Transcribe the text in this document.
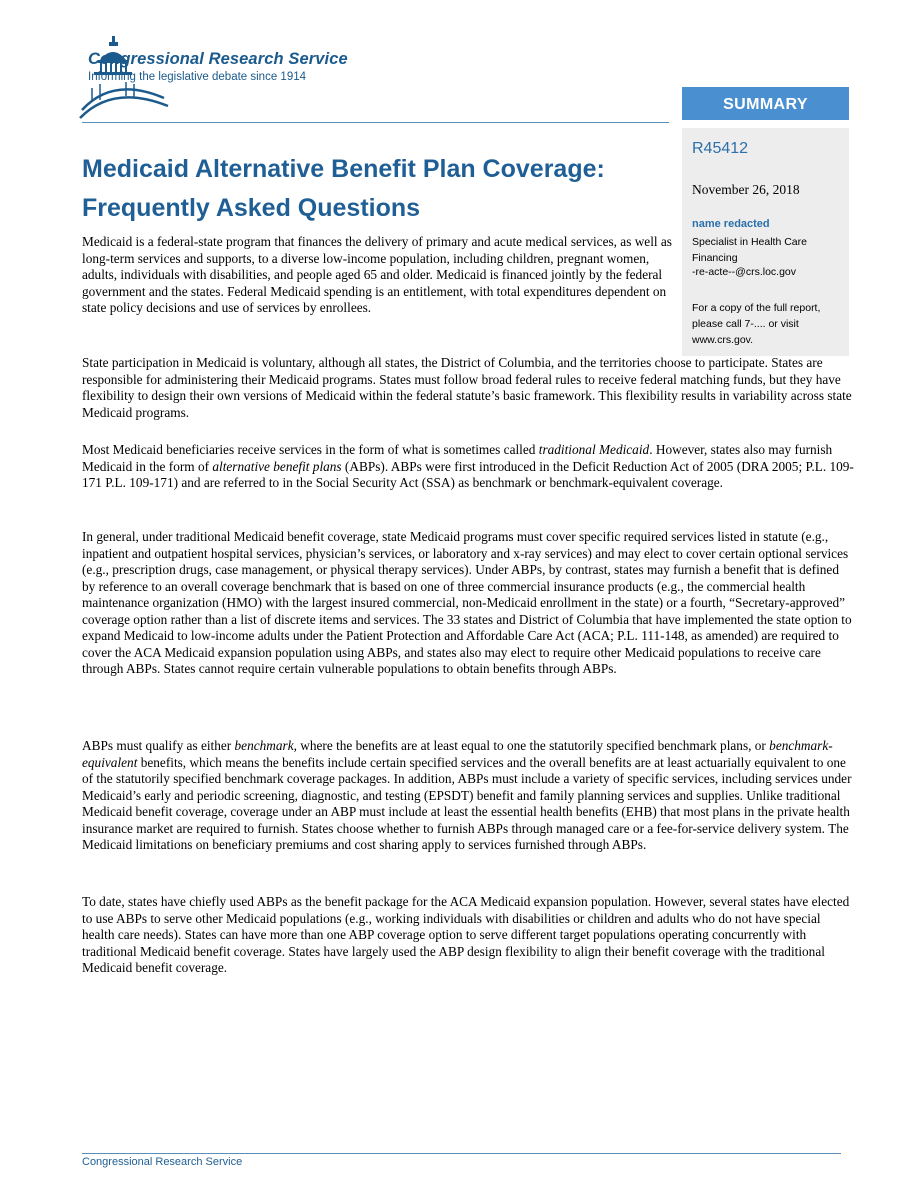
Congressional Research Service
Informing the legislative debate since 1914
SUMMARY
R45412
November 26, 2018
name redacted
Specialist in Health Care Financing
-re-acte--@crs.loc.gov
For a copy of the full report, please call 7-.... or visit www.crs.gov.
Medicaid Alternative Benefit Plan Coverage: Frequently Asked Questions

Medicaid is a federal-state program that finances the delivery of primary and acute medical services, as well as long-term services and supports, to a diverse low-income population, including children, pregnant women, adults, individuals with disabilities, and people aged 65 and older. Medicaid is financed jointly by the federal government and the states. Federal Medicaid spending is an entitlement, with total expenditures dependent on state policy decisions and use of services by enrollees.

State participation in Medicaid is voluntary, although all states, the District of Columbia, and the territories choose to participate. States are responsible for administering their Medicaid programs. States must follow broad federal rules to receive federal matching funds, but they have flexibility to design their own versions of Medicaid within the federal statute’s basic framework. This flexibility results in variability across state Medicaid programs.

Most Medicaid beneficiaries receive services in the form of what is sometimes called traditional Medicaid. However, states also may furnish Medicaid in the form of alternative benefit plans (ABPs). ABPs were first introduced in the Deficit Reduction Act of 2005 (DRA 2005; P.L. 109-171 P.L. 109-171) and are referred to in the Social Security Act (SSA) as benchmark or benchmark-equivalent coverage.

In general, under traditional Medicaid benefit coverage, state Medicaid programs must cover specific required services listed in statute (e.g., inpatient and outpatient hospital services, physician’s services, or laboratory and x-ray services) and may elect to cover certain optional services (e.g., prescription drugs, case management, or physical therapy services). Under ABPs, by contrast, states may furnish a benefit that is defined by reference to an overall coverage benchmark that is based on one of three commercial insurance products (e.g., the commercial health maintenance organization (HMO) with the largest insured commercial, non-Medicaid enrollment in the state) or a fourth, “Secretary-approved” coverage option rather than a list of discrete items and services. The 33 states and District of Columbia that have implemented the state option to expand Medicaid to low-income adults under the Patient Protection and Affordable Care Act (ACA; P.L. 111-148, as amended) are required to cover the ACA Medicaid expansion population using ABPs, and states also may elect to require other Medicaid populations to receive care through ABPs. States cannot require certain vulnerable populations to obtain benefits through ABPs.

ABPs must qualify as either benchmark, where the benefits are at least equal to one the statutorily specified benchmark plans, or benchmark-equivalent benefits, which means the benefits include certain specified services and the overall benefits are at least actuarially equivalent to one of the statutorily specified benchmark coverage packages. In addition, ABPs must include a variety of specific services, including services under Medicaid’s early and periodic screening, diagnostic, and testing (EPSDT) benefit and family planning services and supplies. Unlike traditional Medicaid benefit coverage, coverage under an ABP must include at least the essential health benefits (EHB) that most plans in the private health insurance market are required to furnish. States choose whether to furnish ABPs through managed care or a fee-for-service delivery system. The Medicaid limitations on beneficiary premiums and cost sharing apply to services furnished through ABPs.

To date, states have chiefly used ABPs as the benefit package for the ACA Medicaid expansion population. However, several states have elected to use ABPs to serve other Medicaid populations (e.g., working individuals with disabilities or children and adults who do not have special health care needs). States can have more than one ABP coverage option to serve different target populations operating concurrently with traditional Medicaid benefit coverage. States have largely used the ABP design flexibility to align their benefit coverage with the traditional Medicaid benefit coverage.

Congressional Research Service
